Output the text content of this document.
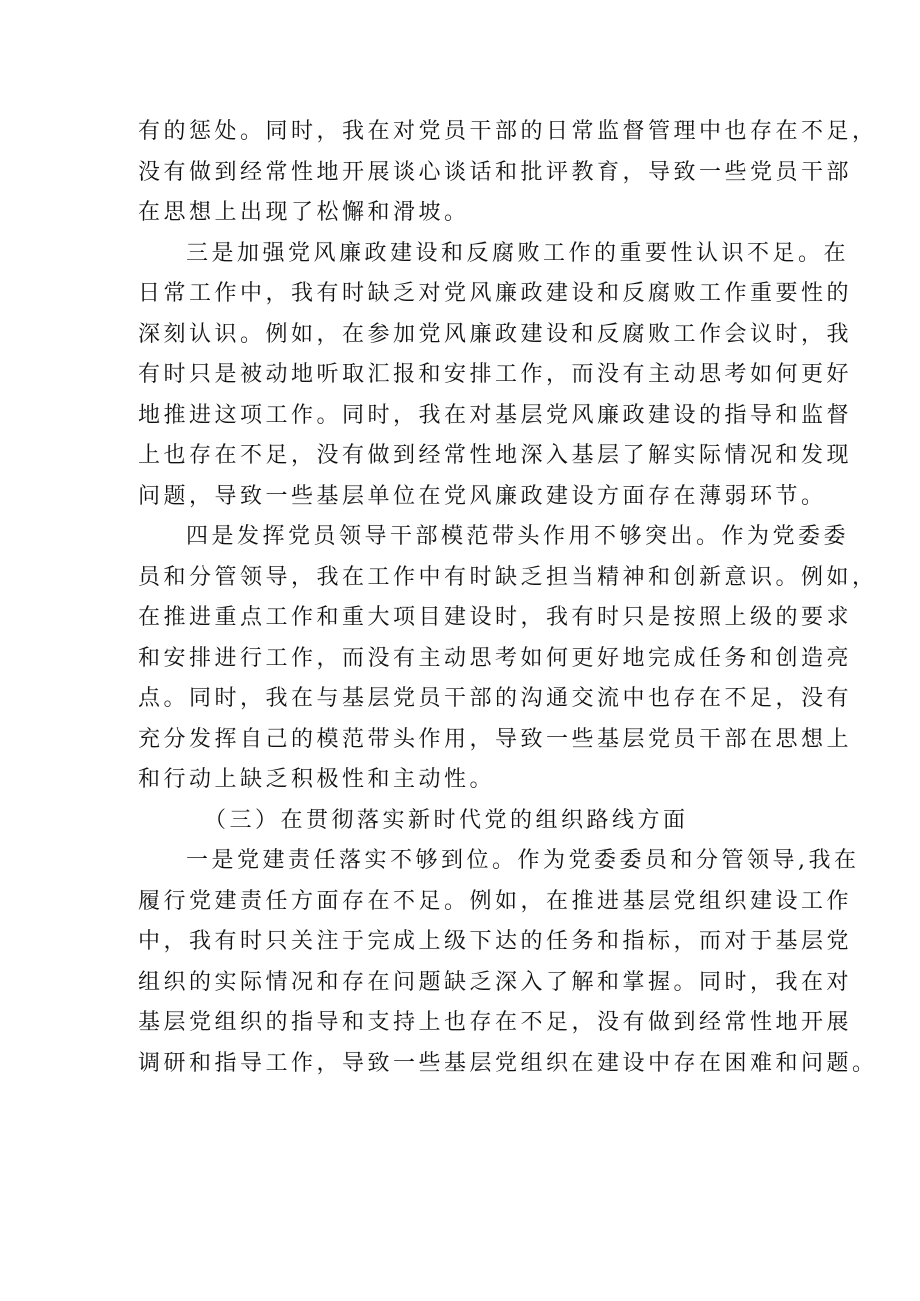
有的惩处。同时，我在对党员干部的日常监督管理中也存在不足，
没有做到经常性地开展谈心谈话和批评教育，导致一些党员干部
在思想上出现了松懈和滑坡。

三是加强党风廉政建设和反腐败工作的重要性认识不足。在
日常工作中，我有时缺乏对党风廉政建设和反腐败工作重要性的
深刻认识。例如，在参加党风廉政建设和反腐败工作会议时，我
有时只是被动地听取汇报和安排工作，而没有主动思考如何更好
地推进这项工作。同时，我在对基层党风廉政建设的指导和监督
上也存在不足，没有做到经常性地深入基层了解实际情况和发现
问题，导致一些基层单位在党风廉政建设方面存在薄弱环节。

四是发挥党员领导干部模范带头作用不够突出。作为党委委
员和分管领导，我在工作中有时缺乏担当精神和创新意识。例如，
在推进重点工作和重大项目建设时，我有时只是按照上级的要求
和安排进行工作，而没有主动思考如何更好地完成任务和创造亮
点。同时，我在与基层党员干部的沟通交流中也存在不足，没有
充分发挥自己的模范带头作用，导致一些基层党员干部在思想上
和行动上缺乏积极性和主动性。

（三）在贯彻落实新时代党的组织路线方面

一是党建责任落实不够到位。作为党委委员和分管领导,我在
履行党建责任方面存在不足。例如，在推进基层党组织建设工作
中，我有时只关注于完成上级下达的任务和指标，而对于基层党
组织的实际情况和存在问题缺乏深入了解和掌握。同时，我在对
基层党组织的指导和支持上也存在不足，没有做到经常性地开展
调研和指导工作，导致一些基层党组织在建设中存在困难和问题。
